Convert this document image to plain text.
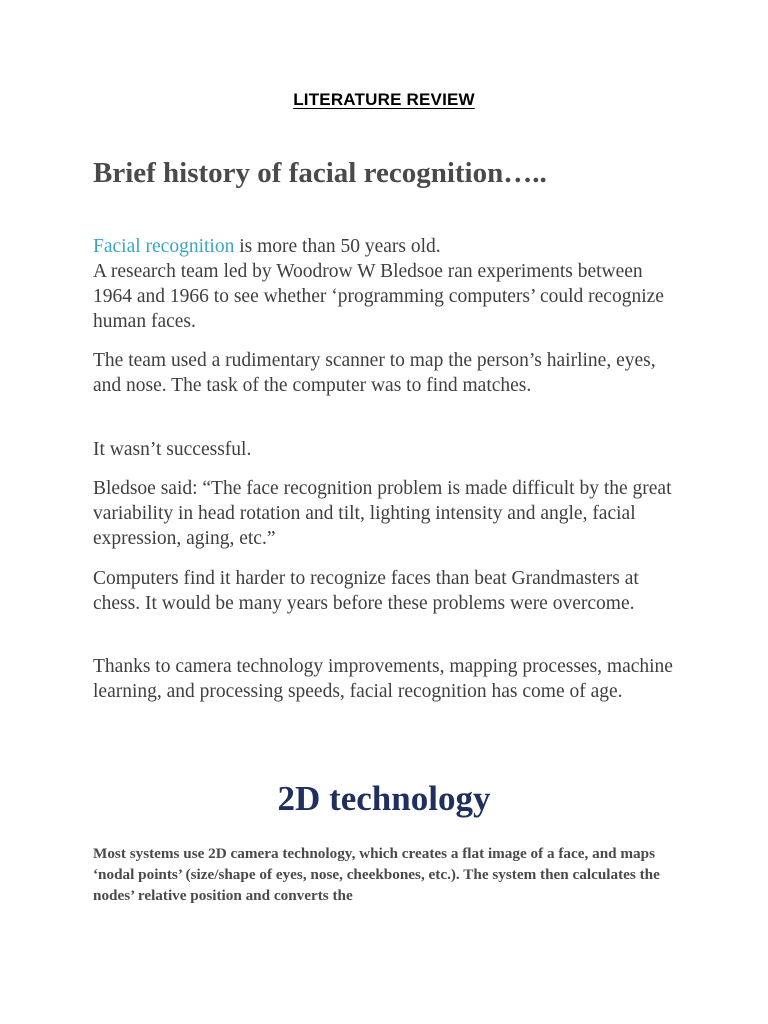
LITERATURE REVIEW
Brief history of facial recognition…..

Facial recognition is more than 50 years old.
A research team led by Woodrow W Bledsoe ran experiments between 1964 and 1966 to see whether ‘programming computers’ could recognize human faces.

The team used a rudimentary scanner to map the person’s hairline, eyes, and nose. The task of the computer was to find matches.

It wasn’t successful.

Bledsoe said: “The face recognition problem is made difficult by the great variability in head rotation and tilt, lighting intensity and angle, facial expression, aging, etc.”

Computers find it harder to recognize faces than beat Grandmasters at chess. It would be many years before these problems were overcome.

Thanks to camera technology improvements, mapping processes, machine learning, and processing speeds, facial recognition has come of age.

2D technology

Most systems use 2D camera technology, which creates a flat image of a face, and maps ‘nodal points’ (size/shape of eyes, nose, cheekbones, etc.). The system then calculates the nodes’ relative position and converts the
